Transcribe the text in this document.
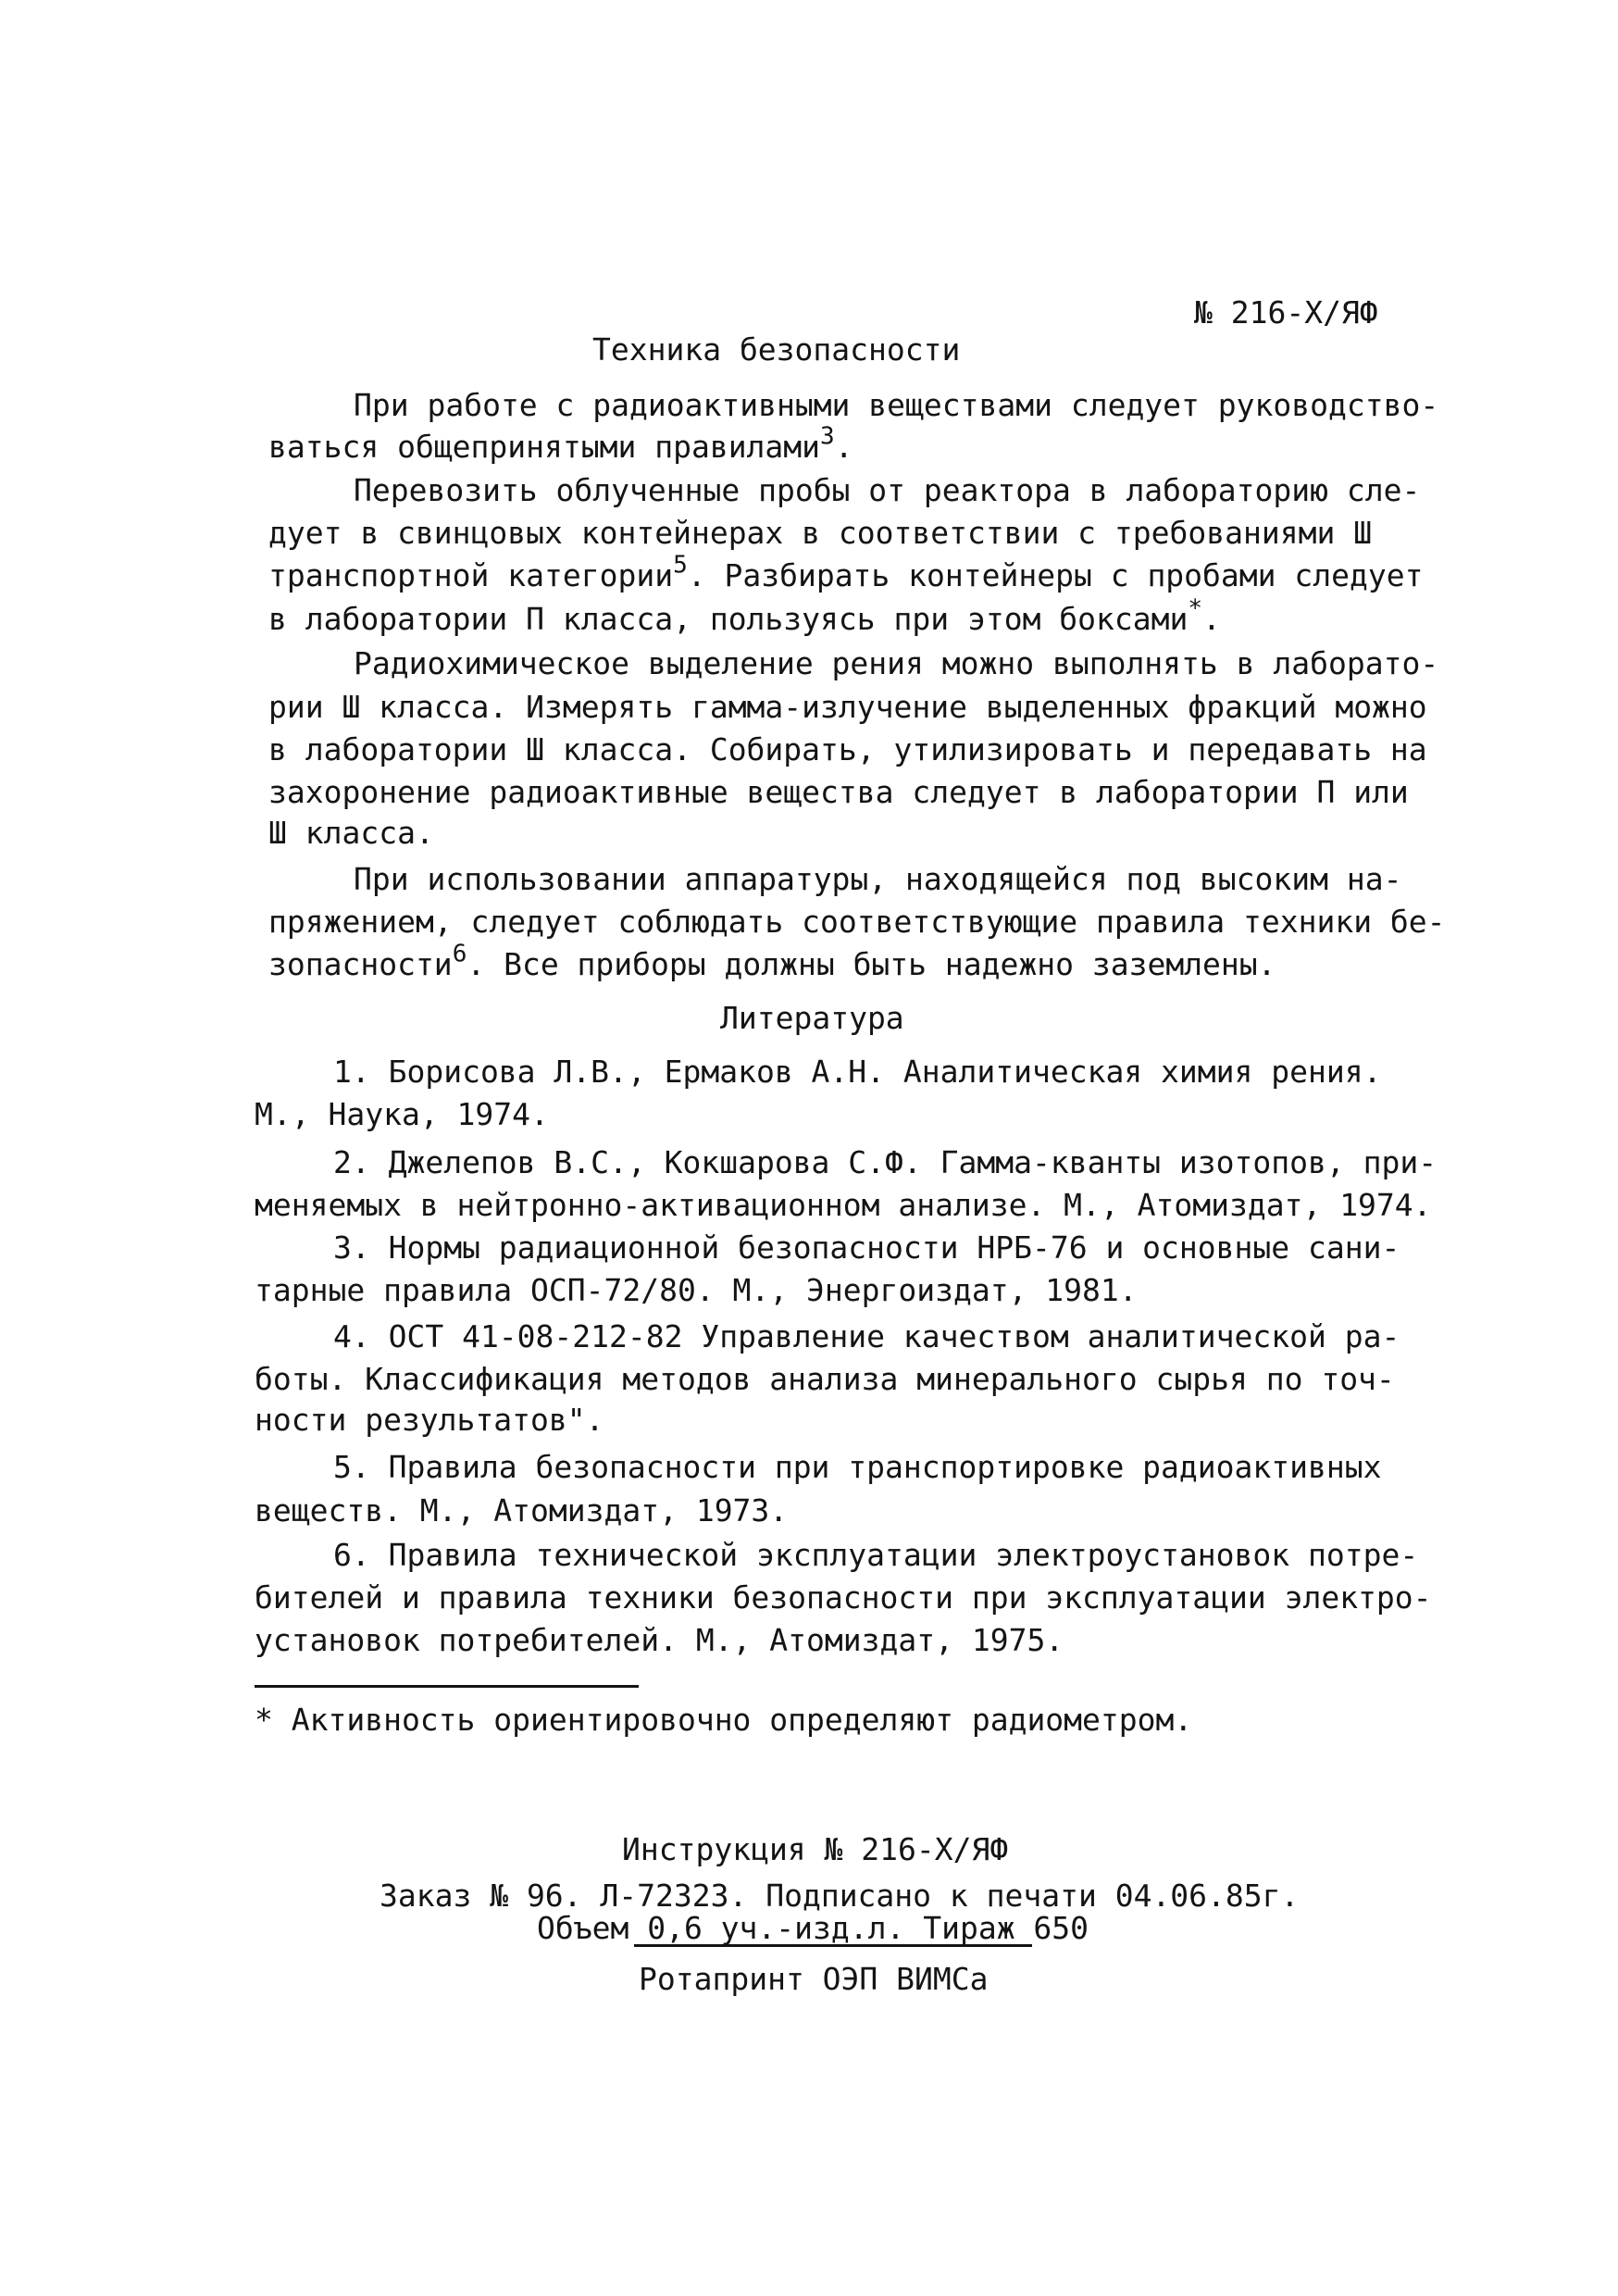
№ 216-Х/ЯФ
Техника безопасности
При работе с радиоактивными веществами следует руководство-
ваться общепринятыми правилами$^3$.
Перевозить облученные пробы от реактора в лабораторию сле-
дует в свинцовых контейнерах в соответствии с требованиями Ш
транспортной категории$^5$. Разбирать контейнеры с пробами следует
в лаборатории П класса, пользуясь при этом боксами*.
Радиохимическое выделение рения можно выполнять в лаборато-
рии Ш класса. Измерять гамма-излучение выделенных фракций можно
в лаборатории Ш класса. Собирать, утилизировать и передавать на
захоронение радиоактивные вещества следует в лаборатории П или
Ш класса.
При использовании аппаратуры, находящейся под высоким на-
пряжением, следует соблюдать соответствующие правила техники бе-
зопасности$^6$. Все приборы должны быть надежно заземлены.
Литература
1. Борисова Л.В., Ермаков А.Н. Аналитическая химия рения.
М., Наука, 1974.
2. Джелепов В.С., Кокшарова С.Ф. Гамма-кванты изотопов, при-
меняемых в нейтронно-активационном анализе. М., Атомиздат, 1974.
3. Нормы радиационной безопасности НРБ-76 и основные сани-
тарные правила ОСП-72/80. М., Энергоиздат, 1981.
4. ОСТ 41-08-212-82 Управление качеством аналитической ра-
боты. Классификация методов анализа минерального сырья по точ-
ности результатов".
5. Правила безопасности при транспортировке радиоактивных
веществ. М., Атомиздат, 1973.
6. Правила технической эксплуатации электроустановок потре-
бителей и правила техники безопасности при эксплуатации электро-
установок потребителей. М., Атомиздат, 1975.
* Активность ориентировочно определяют радиометром.
Инструкция № 216-Х/ЯФ
Заказ № 96. Л-72323. Подписано к печати 04.06.85г.
Объем 0,6 уч.-изд.л. Тираж 650
Ротапринт ОЭП ВИМСа
